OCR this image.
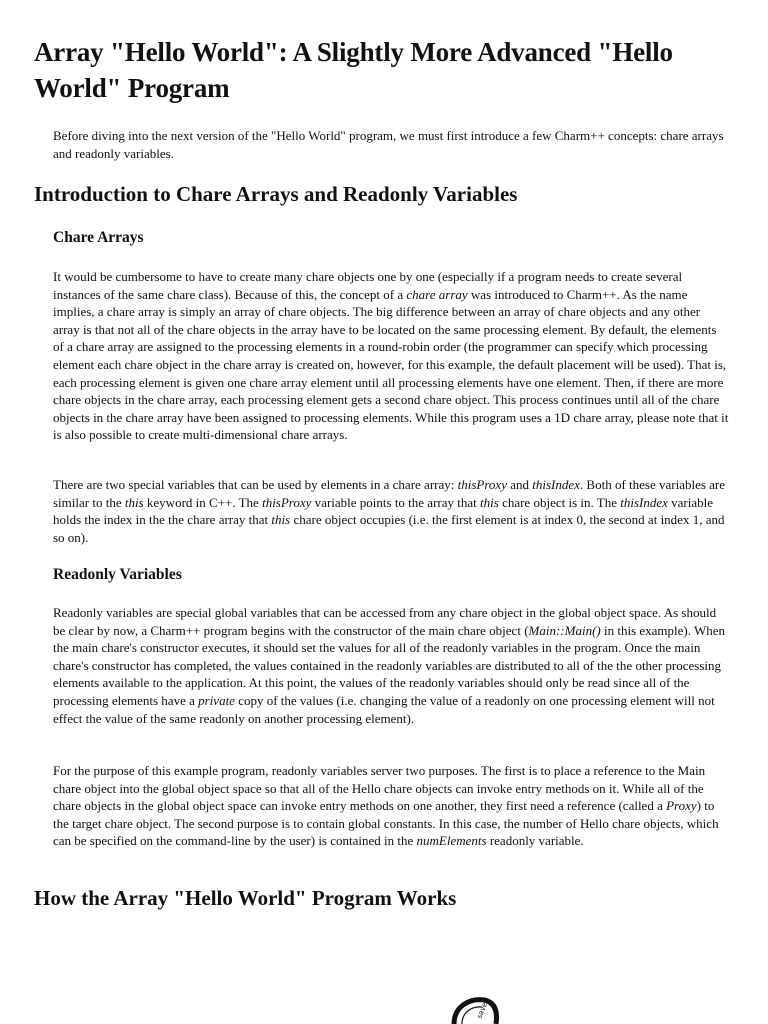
Array "Hello World": A Slightly More Advanced "Hello World" Program

Before diving into the next version of the "Hello World" program, we must first introduce a few Charm++ concepts: chare arrays and readonly variables.

Introduction to Chare Arrays and Readonly Variables
Chare Arrays

It would be cumbersome to have to create many chare objects one by one (especially if a program needs to create several instances of the same chare class). Because of this, the concept of a chare array was introduced to Charm++. As the name implies, a chare array is simply an array of chare objects. The big difference between an array of chare objects and any other array is that not all of the chare objects in the array have to be located on the same processing element. By default, the elements of a chare array are assigned to the processing elements in a round-robin order (the programmer can specify which processing element each chare object in the chare array is created on, however, for this example, the default placement will be used). That is, each processing element is given one chare array element until all processing elements have one element. Then, if there are more chare objects in the chare array, each processing element gets a second chare object. This process continues until all of the chare objects in the chare array have been assigned to processing elements. While this program uses a 1D chare array, please note that it is also possible to create multi-dimensional chare arrays.

There are two special variables that can be used by elements in a chare array: thisProxy and thisIndex. Both of these variables are similar to the this keyword in C++. The thisProxy variable points to the array that this chare object is in. The thisIndex variable holds the index in the the chare array that this chare object occupies (i.e. the first element is at index 0, the second at index 1, and so on).

Readonly Variables

Readonly variables are special global variables that can be accessed from any chare object in the global object space. As should be clear by now, a Charm++ program begins with the constructor of the main chare object (Main::Main() in this example). When the main chare's constructor executes, it should set the values for all of the readonly variables in the program. Once the main chare's constructor has completed, the values contained in the readonly variables are distributed to all of the the other processing elements available to the application. At this point, the values of the readonly variables should only be read since all of the processing elements have a private copy of the values (i.e. changing the value of a readonly on one processing element will not effect the value of the same readonly on another processing element).

For the purpose of this example program, readonly variables server two purposes. The first is to place a reference to the Main chare object into the global object space so that all of the Hello chare objects can invoke entry methods on it. While all of the chare objects in the global object space can invoke entry methods on one another, they first need a reference (called a Proxy) to the target chare object. The second purpose is to contain global constants. In this case, the number of Hello chare objects, which can be specified on the command-line by the user) is contained in the numElements readonly variable.

How the Array "Hello World" Program Works
save
